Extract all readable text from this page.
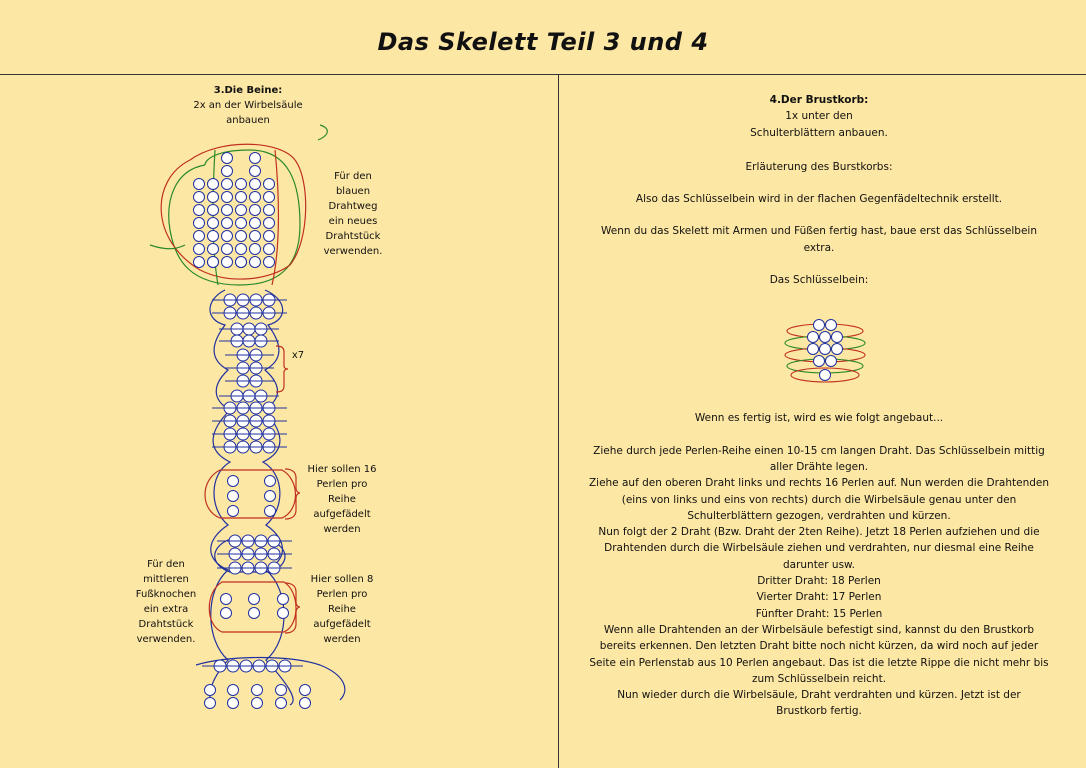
Das Skelett Teil 3 und 4
3.Die Beine:
2x an der Wirbelsäule
anbauen
Für den
blauen
Drahtweg
ein neues
Drahtstück
verwenden.
x7
Hier sollen 16
Perlen pro
Reihe
aufgefädelt
werden
Für den
mittleren
Fußknochen
ein extra
Drahtstück
verwenden.
Hier sollen 8
Perlen pro
Reihe
aufgefädelt
werden

4.Der Brustkorb:

1x unter den

Schulterblättern anbauen.

Erläuterung des Burstkorbs:

Also das Schlüsselbein wird in der flachen Gegenfädeltechnik erstellt.

Wenn du das Skelett mit Armen und Füßen fertig hast, baue erst das Schlüsselbein

extra.

Das Schlüsselbein:

Wenn es fertig ist, wird es wie folgt angebaut...

Ziehe durch jede Perlen-Reihe einen 10-15 cm langen Draht. Das Schlüsselbein mittig

aller Drähte legen.

Ziehe auf den oberen Draht links und rechts 16 Perlen auf. Nun werden die Drahtenden

(eins von links und eins von rechts) durch die Wirbelsäule genau unter den

Schulterblättern gezogen, verdrahten und kürzen.

Nun folgt der 2 Draht (Bzw. Draht der 2ten Reihe). Jetzt 18 Perlen aufziehen und die

Drahtenden durch die Wirbelsäule ziehen und verdrahten, nur diesmal eine Reihe

darunter usw.

Dritter Draht: 18 Perlen

Vierter Draht: 17 Perlen

Fünfter Draht: 15 Perlen

Wenn alle Drahtenden an der Wirbelsäule befestigt sind, kannst du den Brustkorb

bereits erkennen. Den letzten Draht bitte noch nicht kürzen, da wird noch auf jeder

Seite ein Perlenstab aus 10 Perlen angebaut. Das ist die letzte Rippe die nicht mehr bis

zum Schlüsselbein reicht.

Nun wieder durch die Wirbelsäule, Draht verdrahten und kürzen. Jetzt ist der

Brustkorb fertig.
